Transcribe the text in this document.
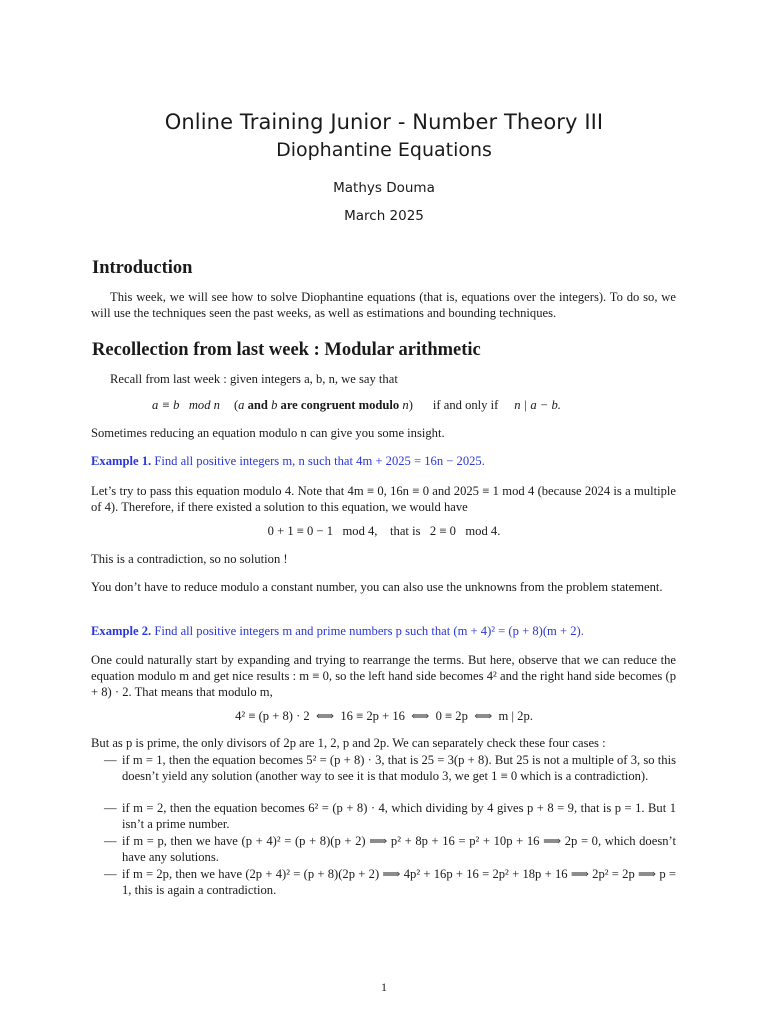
Online Training Junior - Number Theory III
Diophantine Equations
Mathys Douma
March 2025
Introduction
This week, we will see how to solve Diophantine equations (that is, equations over the integers). To do so, we will use the techniques seen the past weeks, as well as estimations and bounding techniques.
Recollection from last week : Modular arithmetic
Recall from last week : given integers a, b, n, we say that
a ≡ b   mod n (a and b are congruent modulo n) if and only if n | a − b.
Sometimes reducing an equation modulo n can give you some insight.
Example 1. Find all positive integers m, n such that 4m + 2025 = 16n − 2025.
Let’s try to pass this equation modulo 4. Note that 4m ≡ 0, 16n ≡ 0 and 2025 ≡ 1 mod 4 (because 2024 is a multiple of 4). Therefore, if there existed a solution to this equation, we would have
0 + 1 ≡ 0 − 1   mod 4,    that is   2 ≡ 0   mod 4.
This is a contradiction, so no solution !
You don’t have to reduce modulo a constant number, you can also use the unknowns from the problem statement.
Example 2. Find all positive integers m and prime numbers p such that (m + 4)² = (p + 8)(m + 2).
One could naturally start by expanding and trying to rearrange the terms. But here, observe that we can reduce the equation modulo m and get nice results : m ≡ 0, so the left hand side becomes 4² and the right hand side becomes (p + 8) · 2. That means that modulo m,
4² ≡ (p + 8) · 2  ⟺  16 ≡ 2p + 16  ⟺  0 ≡ 2p  ⟺  m | 2p.
But as p is prime, the only divisors of 2p are 1, 2, p and 2p. We can separately check these four cases :
— if m = 1, then the equation becomes 5² = (p + 8) · 3, that is 25 = 3(p + 8). But 25 is not a multiple of 3, so this doesn’t yield any solution (another way to see it is that modulo 3, we get 1 ≡ 0 which is a contradiction).
— if m = 2, then the equation becomes 6² = (p + 8) · 4, which dividing by 4 gives p + 8 = 9, that is p = 1. But 1 isn’t a prime number.
— if m = p, then we have (p + 4)² = (p + 8)(p + 2) ⟹ p² + 8p + 16 = p² + 10p + 16 ⟹ 2p = 0, which doesn’t have any solutions.
— if m = 2p, then we have (2p + 4)² = (p + 8)(2p + 2) ⟹ 4p² + 16p + 16 = 2p² + 18p + 16 ⟹ 2p² = 2p ⟹ p = 1, this is again a contradiction.
1
